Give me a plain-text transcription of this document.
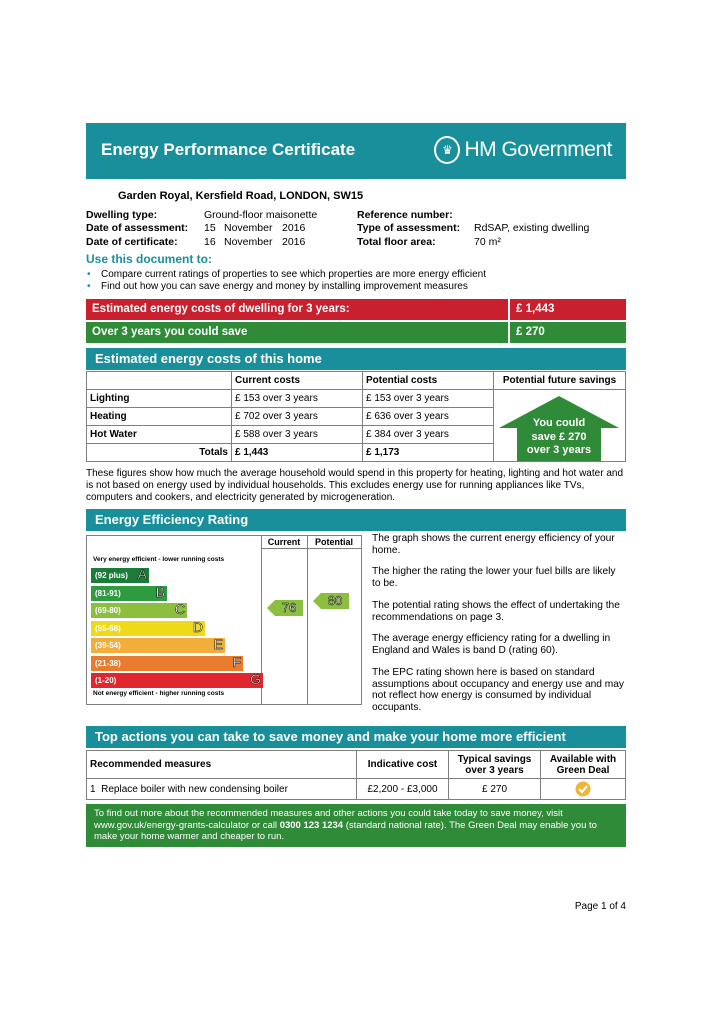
Energy Performance Certificate	♛ HM Government
Garden Royal, Kersfield Road, LONDON, SW15
Dwelling type:	Ground-floor maisonette
Date of assessment: 15 November 2016
Date of certificate:	16 November 2016
Reference number:
Type of assessment: RdSAP, existing dwelling
Total floor area:	70 m²
Use this document to:
•	Compare current ratings of properties to see which properties are more energy efficient
•	Find out how you can save energy and money by installing improvement measures
Estimated energy costs of dwelling for 3 years:	£ 1,443
Over 3 years you could save	£ 270
Estimated energy costs of this home
	Current costs	Potential costs	Potential future savings
Lighting	£ 153 over 3 years	£ 153 over 3 years	
Heating	£ 702 over 3 years	£ 636 over 3 years	
Hot Water	£ 588 over 3 years	£ 384 over 3 years	
Totals	£ 1,443	£ 1,173	
You could
save £ 270
over 3 years
These figures show how much the average household would spend in this property for heating, lighting and hot water and is not based on energy used by individual households. This excludes energy use for running appliances like TVs, computers and cookers, and electricity generated by microgeneration.
Energy Efficiency Rating
Current	Potential
Very energy efficient - lower running costs
(92 plus) A
(81-91) B
(69-80)	C
(55-68)	D
(39-54)	E
(21-38)	F
(1-20)	G
Not energy efficient - higher running costs
76	80
The graph shows the current energy efficiency of your home.
The higher the rating the lower your fuel bills are likely to be.
The potential rating shows the effect of undertaking the recommendations on page 3.
The average energy efficiency rating for a dwelling in England and Wales is band D (rating 60).
The EPC rating shown here is based on standard assumptions about occupancy and energy use and may not reflect how energy is consumed by individual occupants.
Top actions you can take to save money and make your home more efficient
Recommended measures	Indicative cost	Typical savings over 3 years	Available with Green Deal
1 Replace boiler with new condensing boiler	£2,200 - £3,000	£ 270	
To find out more about the recommended measures and other actions you could take today to save money, visit www.gov.uk/energy-grants-calculator or call 0300 123 1234 (standard national rate). The Green Deal may enable you to make your home warmer and cheaper to run.
Page 1 of 4
